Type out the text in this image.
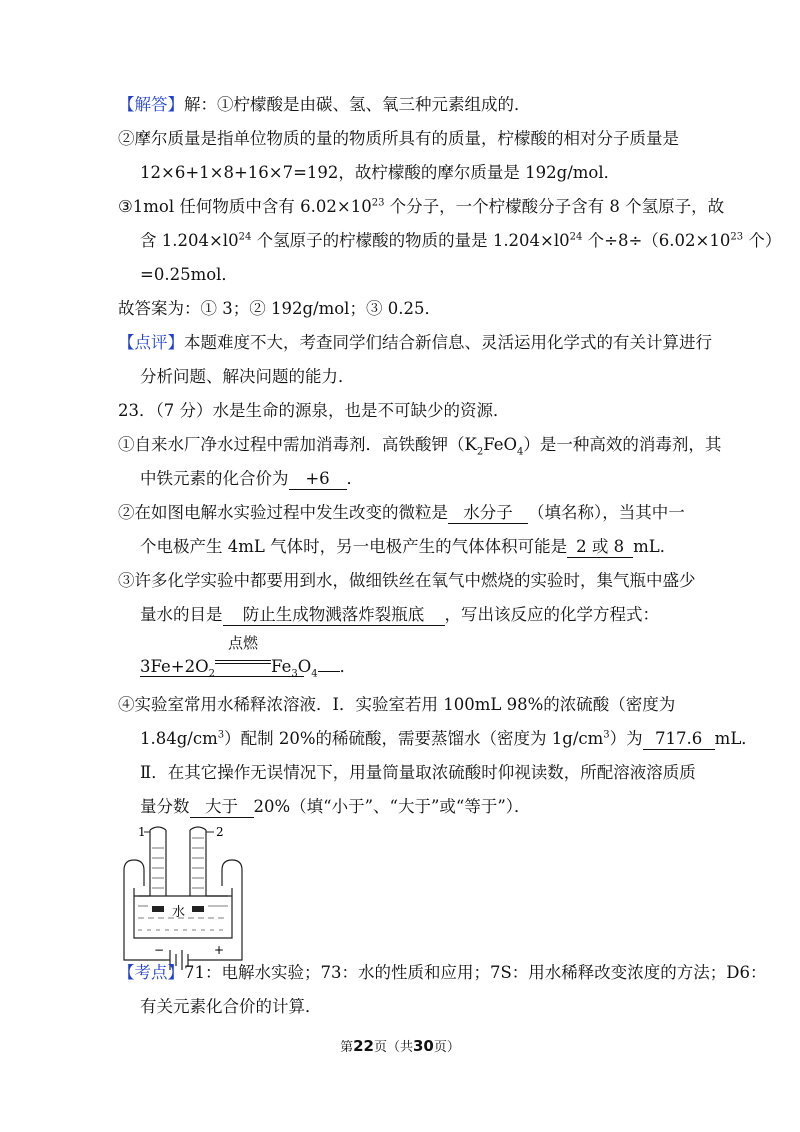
【解答】解：①柠檬酸是由碳、氢、氧三种元素组成的．
②摩尔质量是指单位物质的量的物质所具有的质量，柠檬酸的相对分子质量是
12×6+1×8+16×7=192，故柠檬酸的摩尔质量是 192g/mol．
③1mol 任何物质中含有 $6.02\times 10^{23}$ 个分子，一个柠檬酸分子含有 8 个氢原子，故
含 $1.204\times l0^{24}$ 个氢原子的柠檬酸的物质的量是 $1.204\times l0^{24}$ 个$\div 8\div(6.02\times 10^{23}$ 个）
=0.25mol．
故答案为：① 3；② 192g/mol；③ 0.25．
【点评】本题难度不大，考查同学们结合新信息、灵活运用化学式的有关计算进行
分析问题、解决问题的能力．
23．（7 分）水是生命的源泉，也是不可缺少的资源．
①自来水厂净水过程中需加消毒剂．高铁酸钾$(K_2FeO_4)$是一种高效的消毒剂，其
中铁元素的化合价为 +6 ．
②在如图电解水实验过程中发生改变的微粒是 水分子 （填名称），当其中一
个电极产生 4mL 气体时，另一电极产生的气体体积可能是 2 或 8 mL．
③许多化学实验中都要用到水，做细铁丝在氧气中燃烧的实验时，集气瓶中盛少
量水的目是 防止生成物溅落炸裂瓶底 ，写出该反应的化学方程式：
$3Fe+2O_2$
点燃
$Fe_3O_4$ ．
④实验室常用水稀释浓溶液．Ⅰ．实验室若用 100mL 98%的浓硫酸（密度为
$1.84g/cm^3$）配制 20%的稀硫酸，需要蒸馏水（密度为 $1g/cm^3$）为 717.6 mL．
Ⅱ．在其它操作无误情况下，用量筒量取浓硫酸时仰视读数，所配溶液溶质质
量分数 大于 20%（填“小于”、“大于”或“等于”）．
1	2
水
−	+
【考点】71：电解水实验；73：水的性质和应用；7S：用水稀释改变浓度的方法；D6：
有关元素化合价的计算．
第22页（共30页）
